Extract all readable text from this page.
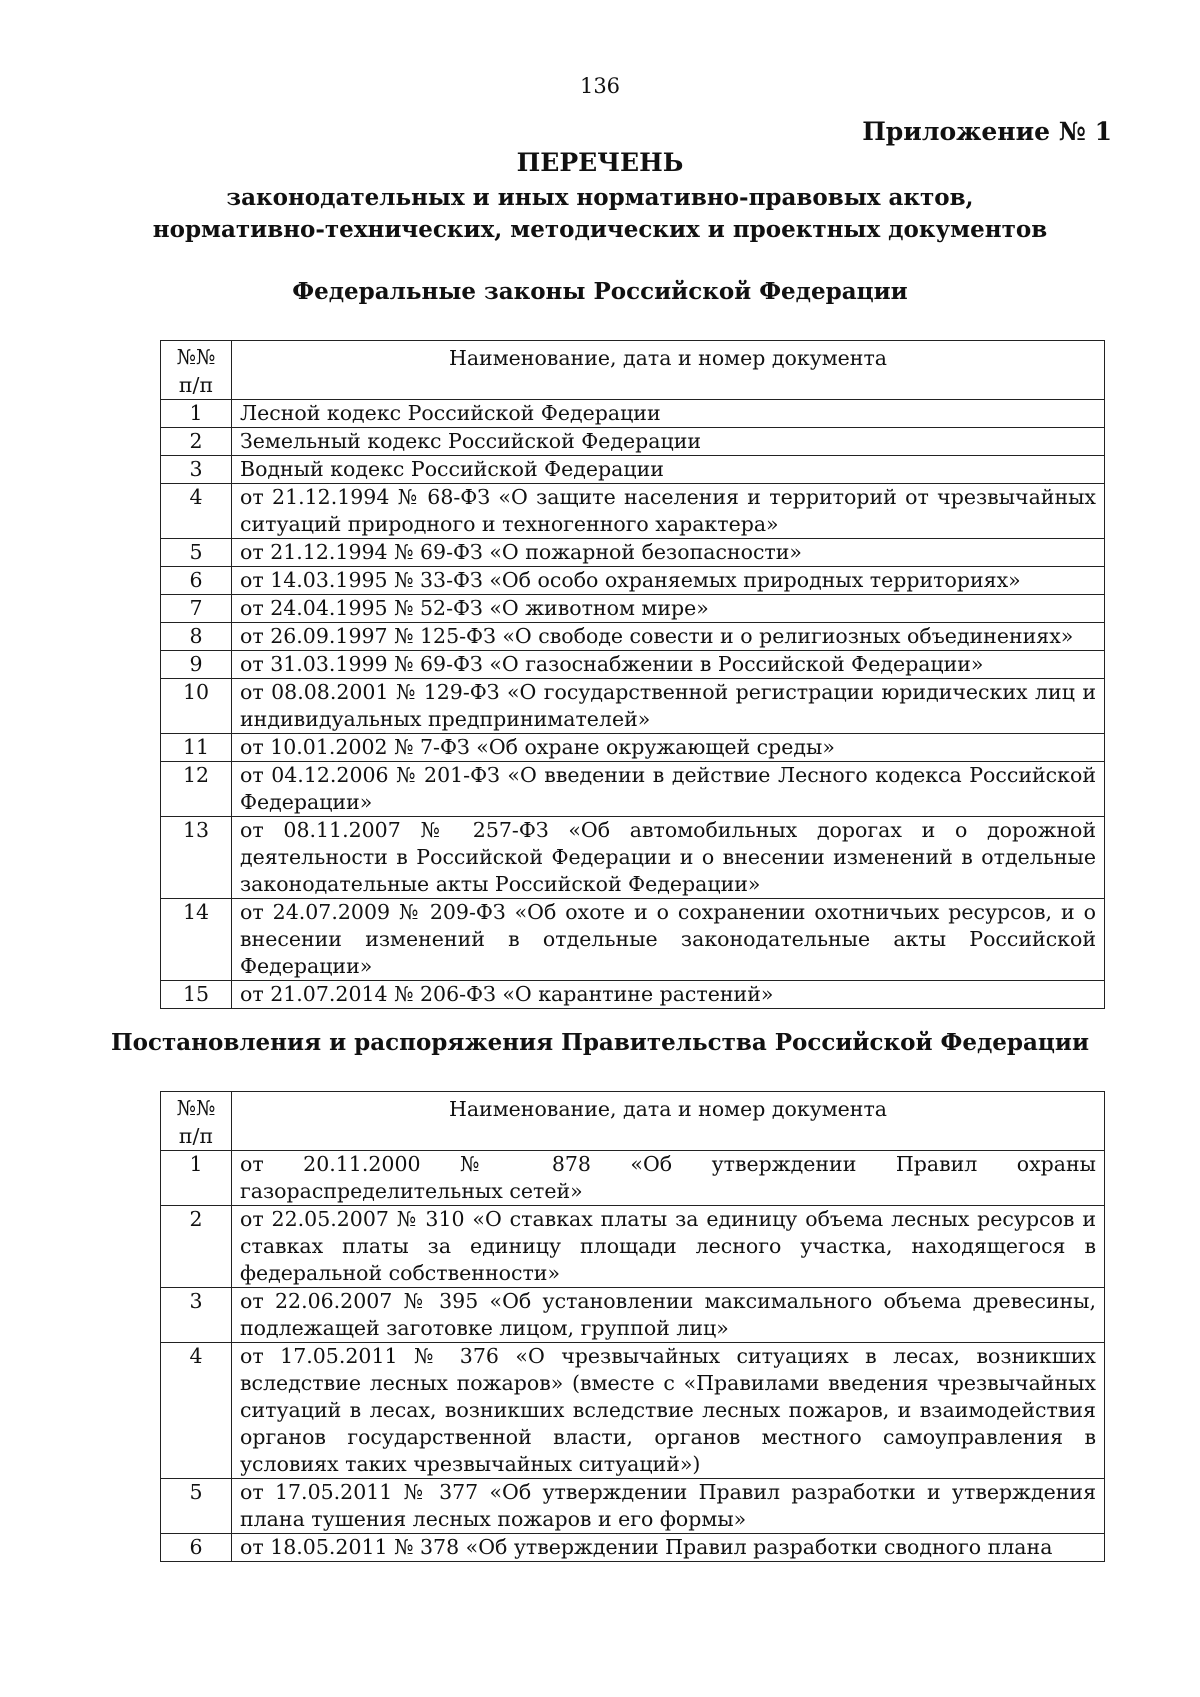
136
Приложение № 1
ПЕРЕЧЕНЬ
законодательных и иных нормативно-правовых актов,
нормативно-технических, методических и проектных документов
Федеральные законы Российской Федерации
№№ п/п	Наименование, дата и номер документа
1	Лесной кодекс Российской Федерации
2	Земельный кодекс Российской Федерации
3	Водный кодекс Российской Федерации
4	от 21.12.1994 № 68-ФЗ «О защите населения и территорий от чрезвычайных ситуаций природного и техногенного характера»
5	от 21.12.1994 № 69-ФЗ «О пожарной безопасности»
6	от 14.03.1995 № 33-ФЗ «Об особо охраняемых природных территориях»
7	от 24.04.1995 № 52-ФЗ «О животном мире»
8	от 26.09.1997 № 125-ФЗ «О свободе совести и о религиозных объединениях»
9	от 31.03.1999 № 69-ФЗ «О газоснабжении в Российской Федерации»
10	от 08.08.2001 № 129-ФЗ «О государственной регистрации юридических лиц и индивидуальных предпринимателей»
11	от 10.01.2002 № 7-ФЗ «Об охране окружающей среды»
12	от 04.12.2006 № 201-ФЗ «О введении в действие Лесного кодекса Российской Федерации»
13	от 08.11.2007 № 257-ФЗ «Об автомобильных дорогах и о дорожной деятельности в Российской Федерации и о внесении изменений в отдельные законодательные акты Российской Федерации»
14	от 24.07.2009 № 209-ФЗ «Об охоте и о сохранении охотничьих ресурсов, и о внесении изменений в отдельные законодательные акты Российской Федерации»
15	от 21.07.2014 № 206-ФЗ «О карантине растений»
Постановления и распоряжения Правительства Российской Федерации
№№ п/п	Наименование, дата и номер документа
1	от 20.11.2000 № 878 «Об утверждении Правил охраны газораспределительных сетей»
2	от 22.05.2007 № 310 «О ставках платы за единицу объема лесных ресурсов и ставках платы за единицу площади лесного участка, находящегося в федеральной собственности»
3	от 22.06.2007 № 395 «Об установлении максимального объема древесины, подлежащей заготовке лицом, группой лиц»
4	от 17.05.2011 № 376 «О чрезвычайных ситуациях в лесах, возникших вследствие лесных пожаров» (вместе с «Правилами введения чрезвычайных ситуаций в лесах, возникших вследствие лесных пожаров, и взаимодействия органов государственной власти, органов местного самоуправления в условиях таких чрезвычайных ситуаций»)
5	от 17.05.2011 № 377 «Об утверждении Правил разработки и утверждения плана тушения лесных пожаров и его формы»
6	от 18.05.2011 № 378 «Об утверждении Правил разработки сводного плана
